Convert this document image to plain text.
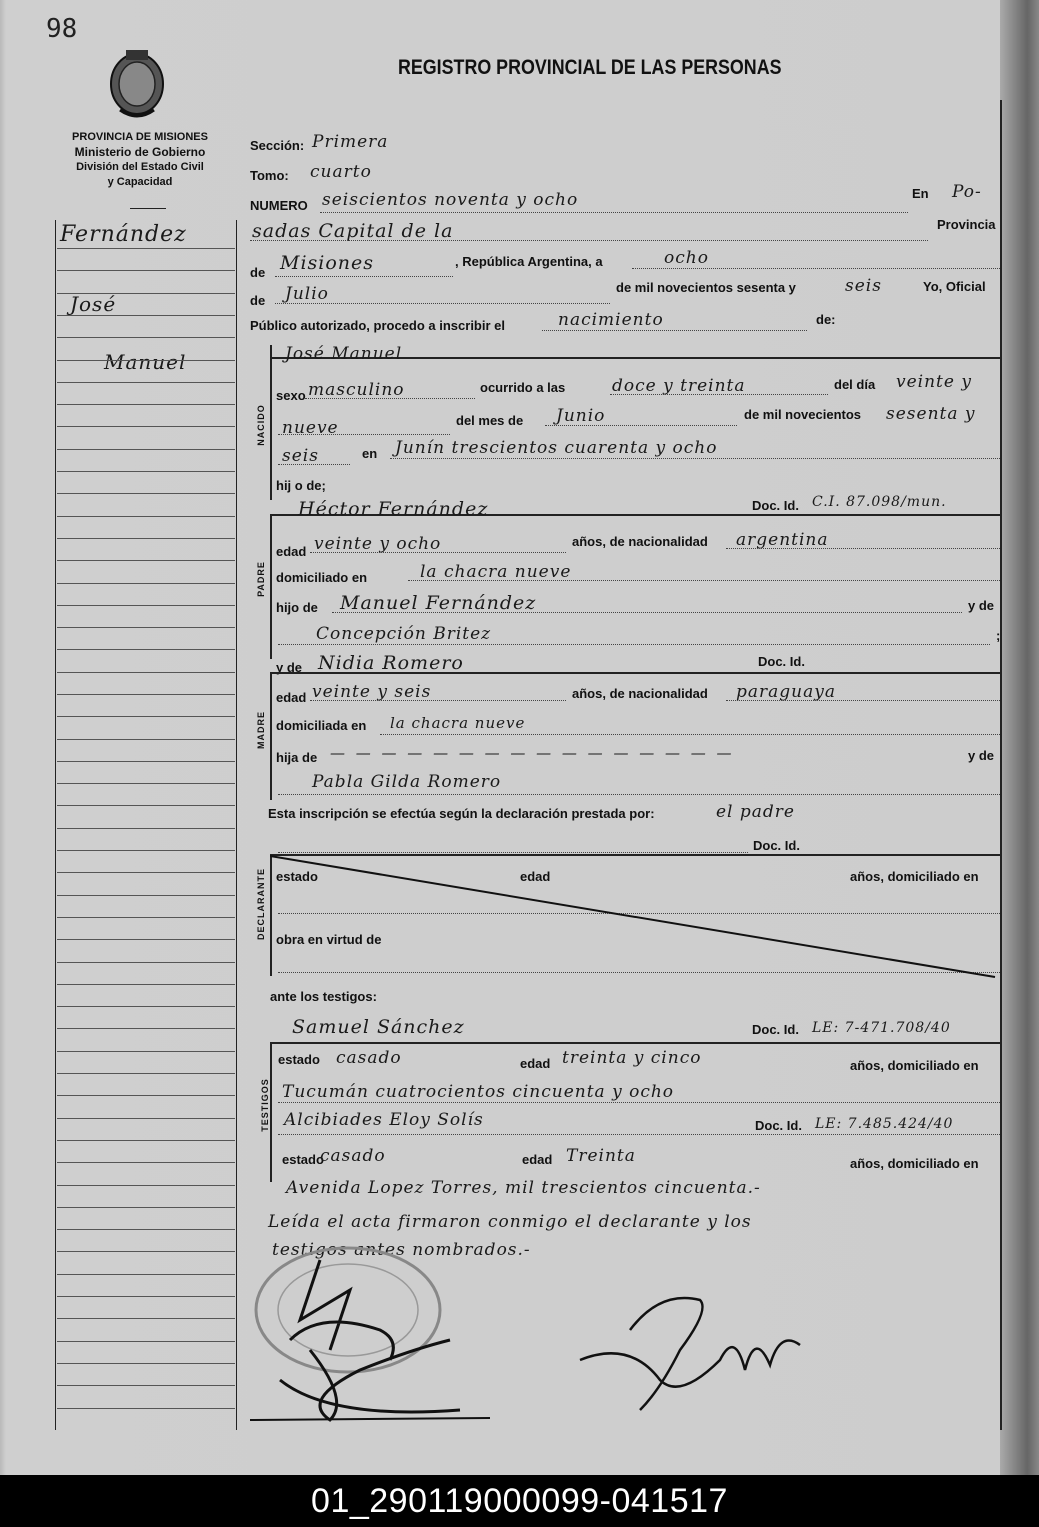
98
PROVINCIA DE MISIONES
Ministerio de Gobierno
División del Estado Civil
y Capacidad
REGISTRO PROVINCIAL DE LAS PERSONAS
Fernández
José
Manuel
Sección: Primera
Tomo: cuarto
NUMERO seiscientos noventa y ocho	En Po-
sadas Capital de la	Provincia
de Misiones	, República Argentina, a	ocho
de Julio	de mil novecientos sesenta y	seis	Yo, Oficial
Público autorizado, procedo a inscribir el	nacimiento	de:
NACIDO
José Manuel
sexo masculino	ocurrido a las	doce y treinta	del día veinte y
nueve	del mes de Junio	de mil novecientos sesenta y
seis	en Junín trescientos cuarenta y ocho
hij o de;
PADRE
Héctor Fernández	Doc. Id. C.I. 87.098/mun.
edad veinte y ocho	años, de nacionalidad argentina
domiciliado en	la chacra nueve
hijo de Manuel Fernández	y de
Concepción Britez	;
y de Nidia Romero	Doc. Id.
MADRE
edad veinte y seis	años, de nacionalidad paraguaya
domiciliada en la chacra nueve
hija de — — — — — — — — — — — — — — — —	y de
Pabla Gilda Romero
Esta inscripción se efectúa según la declaración prestada por:	el padre
Doc. Id.
DECLARANTE estado	edad	años, domiciliado en
obra en virtud de
ante los testigos:
TESTIGOS
Samuel Sánchez	Doc. Id. LE: 7-471.708/40
estado casado	edad treinta y cinco	años, domiciliado en
Tucumán cuatrocientos cincuenta y ocho
Alcibiades Eloy Solís	Doc. Id. LE: 7.485.424/40
estado
casado	edad Treinta	años, domiciliado en
Avenida Lopez Torres, mil trescientos cincuenta.-
Leída el acta firmaron conmigo el declarante y los
testigos antes nombrados.-
01_290119000099-041517
